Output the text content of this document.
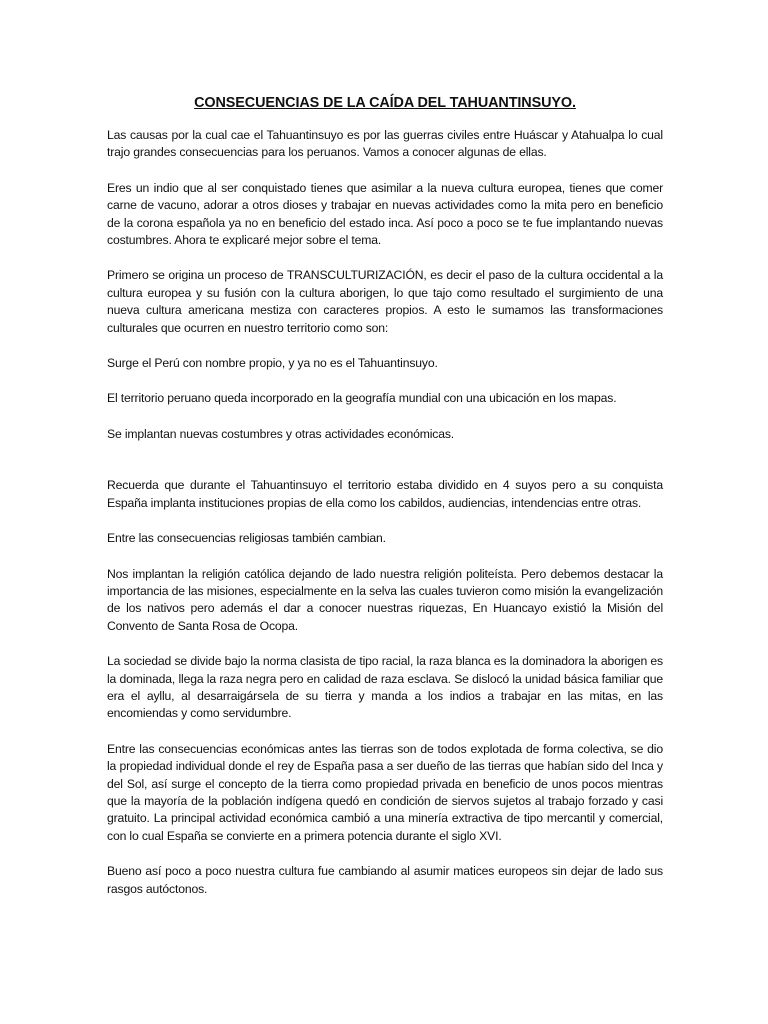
CONSECUENCIAS DE LA CAÍDA DEL TAHUANTINSUYO.

Las causas por la cual cae el Tahuantinsuyo es por las guerras civiles entre Huáscar y Atahualpa lo cual trajo grandes consecuencias para los peruanos. Vamos a conocer algunas de ellas.

Eres un indio que al ser conquistado tienes que asimilar a la nueva cultura europea, tienes que comer carne de vacuno, adorar a otros dioses y trabajar en nuevas actividades como la mita pero en beneficio de la corona española ya no en beneficio del estado inca. Así poco a poco se te fue implantando nuevas costumbres. Ahora te explicaré mejor sobre el tema.

Primero se origina un proceso de TRANSCULTURIZACIÓN, es decir el paso de la cultura occidental a la cultura europea y su fusión con la cultura aborigen, lo que tajo como resultado el surgimiento de una nueva cultura americana mestiza con caracteres propios. A esto le sumamos las transformaciones culturales que ocurren en nuestro territorio como son:

Surge el Perú con nombre propio, y ya no es el Tahuantinsuyo.

El territorio peruano queda incorporado en la geografía mundial con una ubicación en los mapas.

Se implantan nuevas costumbres y otras actividades económicas.

Recuerda que durante el Tahuantinsuyo el territorio estaba dividido en 4 suyos pero a su conquista España implanta instituciones propias de ella como los cabildos, audiencias, intendencias entre otras.

Entre las consecuencias religiosas también cambian.

Nos implantan la religión católica dejando de lado nuestra religión politeísta. Pero debemos destacar la importancia de las misiones, especialmente en la selva las cuales tuvieron como misión la evangelización de los nativos pero además el dar a conocer nuestras riquezas, En Huancayo existió la Misión del Convento de Santa Rosa de Ocopa.

La sociedad se divide bajo la norma clasista de tipo racial, la raza blanca es la dominadora la aborigen es la dominada, llega la raza negra pero en calidad de raza esclava. Se dislocó la unidad básica familiar que era el ayllu, al desarraigársela de su tierra y manda a los indios a trabajar en las mitas, en las encomiendas y como servidumbre.

Entre las consecuencias económicas antes las tierras son de todos explotada de forma colectiva, se dio la propiedad individual donde el rey de España pasa a ser dueño de las tierras que habían sido del Inca y del Sol, así surge el concepto de la tierra como propiedad privada en beneficio de unos pocos mientras que la mayoría de la población indígena quedó en condición de siervos sujetos al trabajo forzado y casi gratuito. La principal actividad económica cambió a una minería extractiva de tipo mercantil y comercial, con lo cual España se convierte en a primera potencia durante el siglo XVI.

Bueno así poco a poco nuestra cultura fue cambiando al asumir matices europeos sin dejar de lado sus rasgos autóctonos.
